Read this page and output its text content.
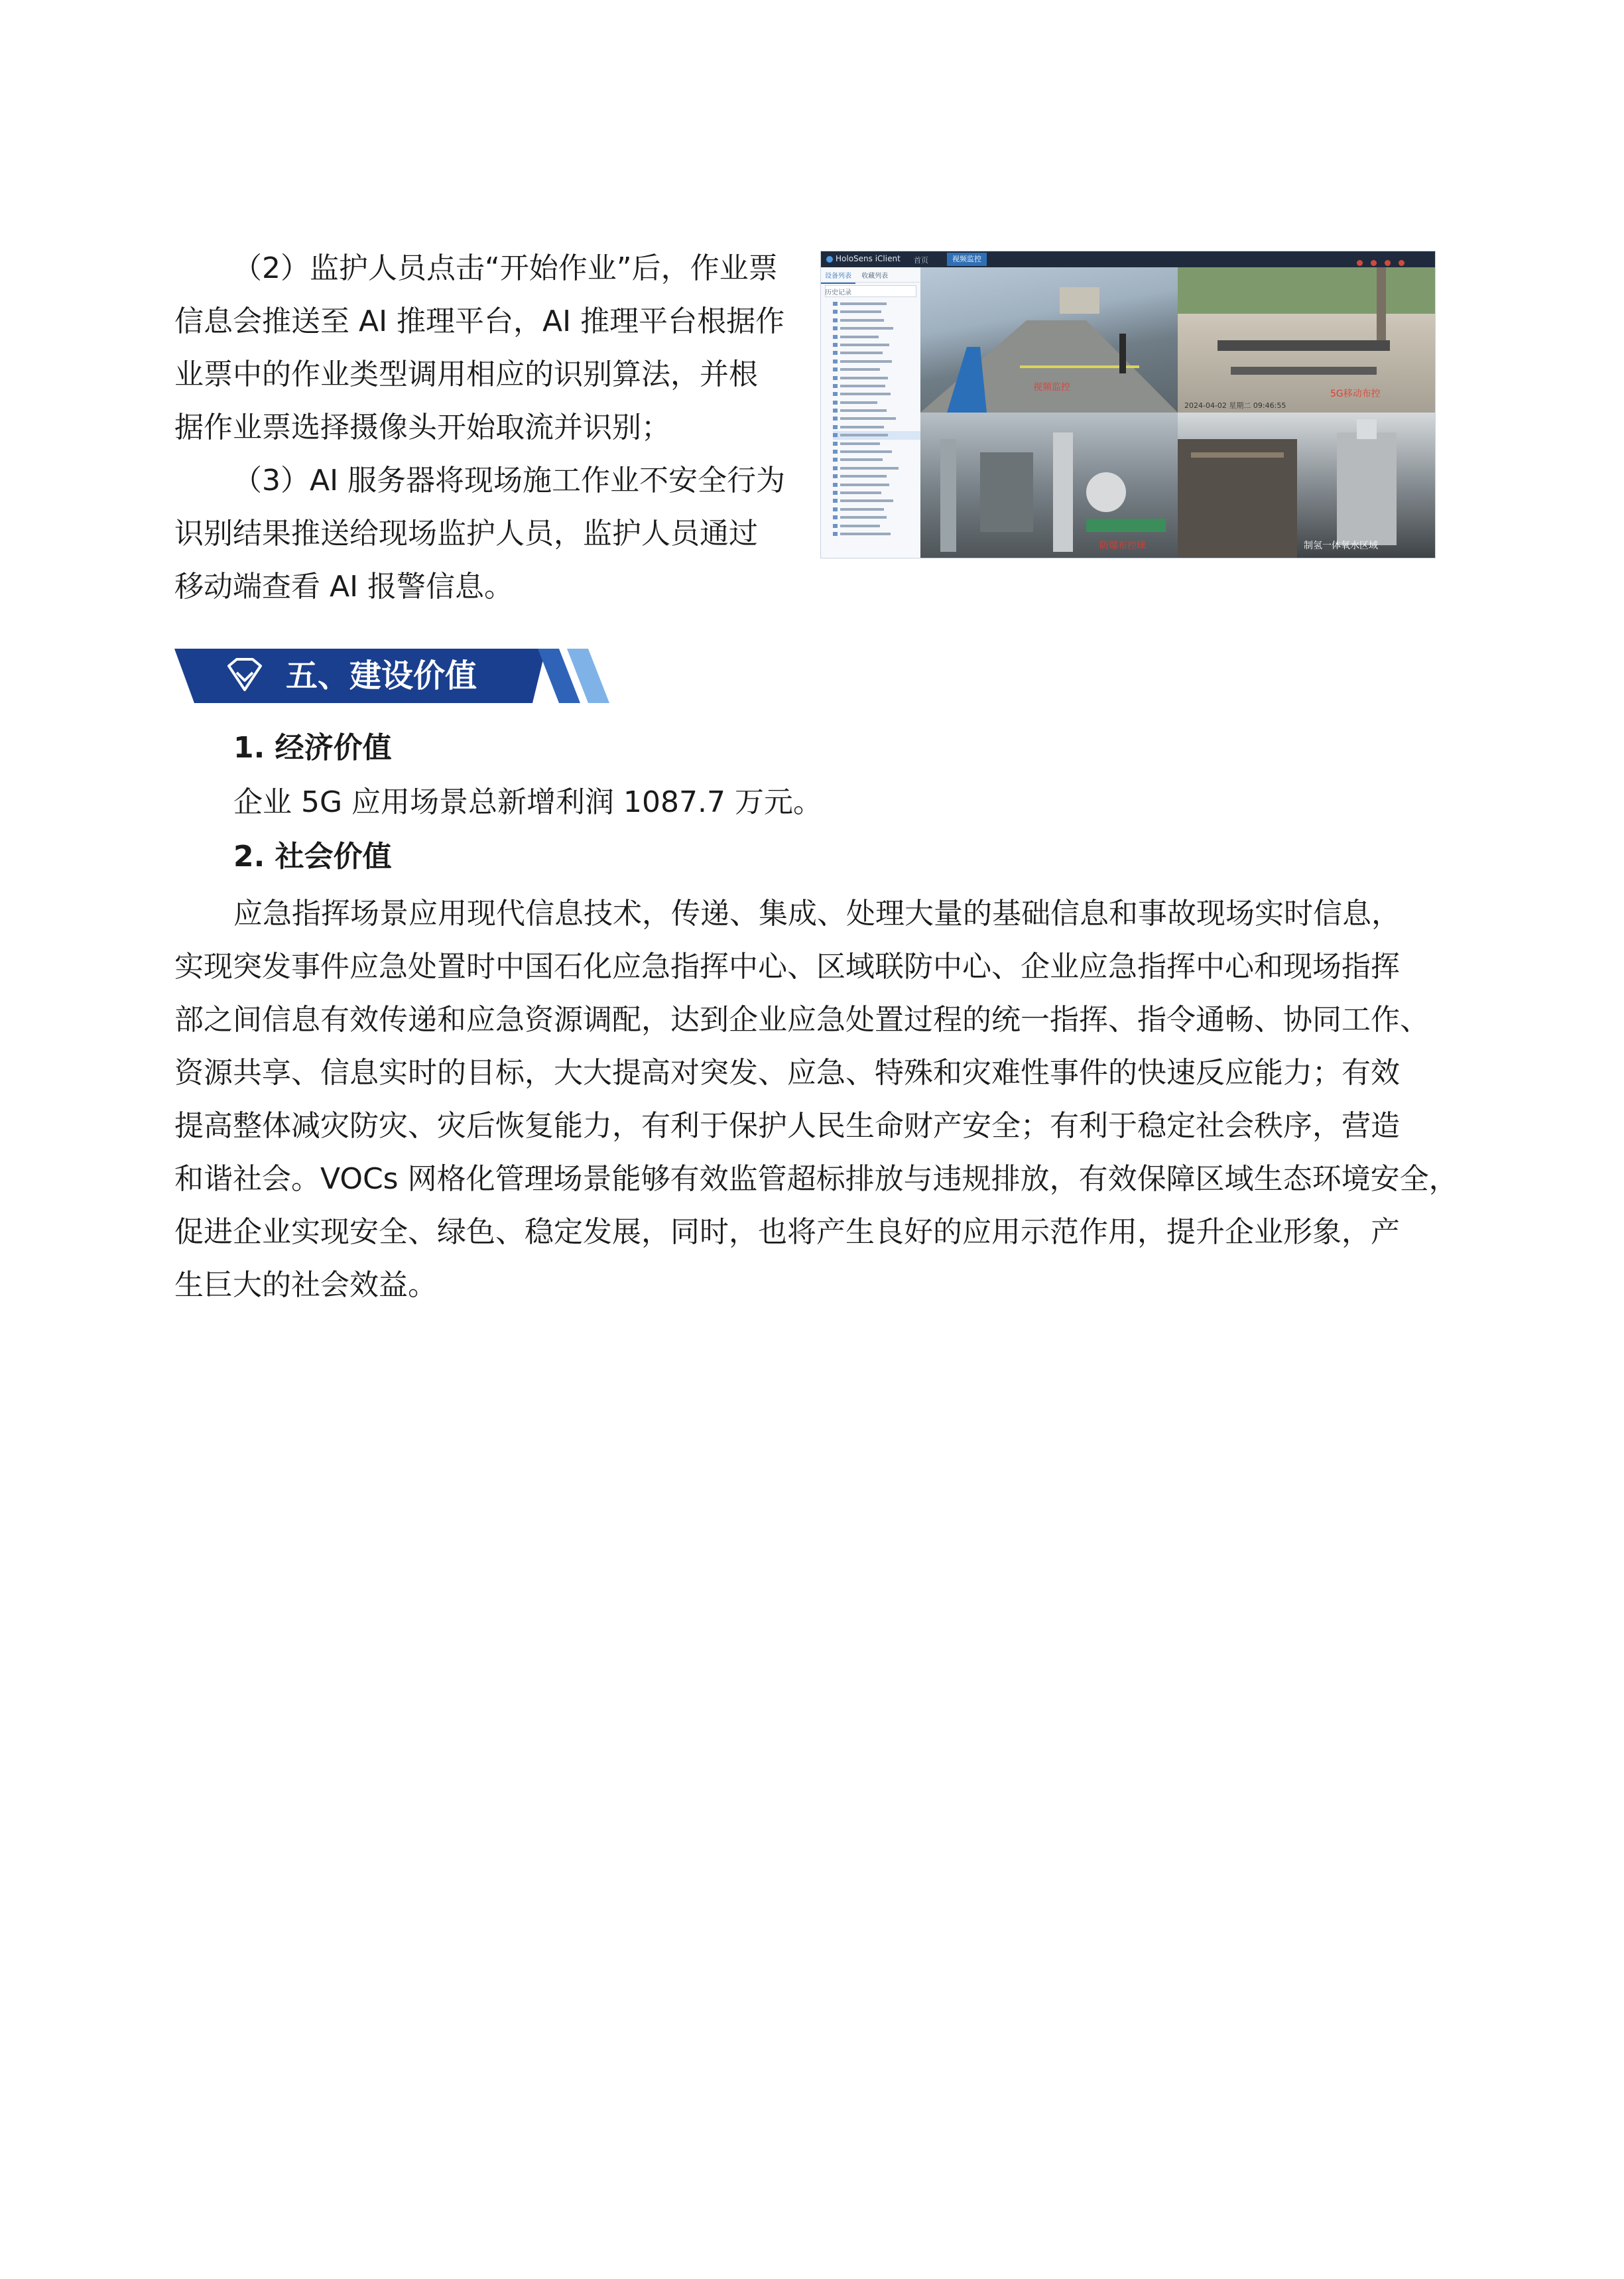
（2）监护人员点击“开始作业”后，作业票
信息会推送至 AI 推理平台，AI 推理平台根据作
业票中的作业类型调用相应的识别算法，并根
据作业票选择摄像头开始取流并识别；
（3）AI 服务器将现场施工作业不安全行为
识别结果推送给现场监护人员，监护人员通过
移动端查看 AI 报警信息。
HoloSens iClient 首页	视频监控
设备列表 收藏列表 历史记录
视频监控
5G移动布控
2024-04-02 星期二 09:46:55
防爆布控球	制氢一体氧水区域
五、建设价值
1. 经济价值
企业 5G 应用场景总新增利润 1087.7 万元。
2. 社会价值
应急指挥场景应用现代信息技术，传递、集成、处理大量的基础信息和事故现场实时信息，
实现突发事件应急处置时中国石化应急指挥中心、区域联防中心、企业应急指挥中心和现场指挥
部之间信息有效传递和应急资源调配，达到企业应急处置过程的统一指挥、指令通畅、协同工作、
资源共享、信息实时的目标，大大提高对突发、应急、特殊和灾难性事件的快速反应能力；有效
提高整体减灾防灾、灾后恢复能力，有利于保护人民生命财产安全；有利于稳定社会秩序，营造
和谐社会。VOCs 网格化管理场景能够有效监管超标排放与违规排放，有效保障区域生态环境安全，
促进企业实现安全、绿色、稳定发展，同时，也将产生良好的应用示范作用，提升企业形象，产
生巨大的社会效益。
